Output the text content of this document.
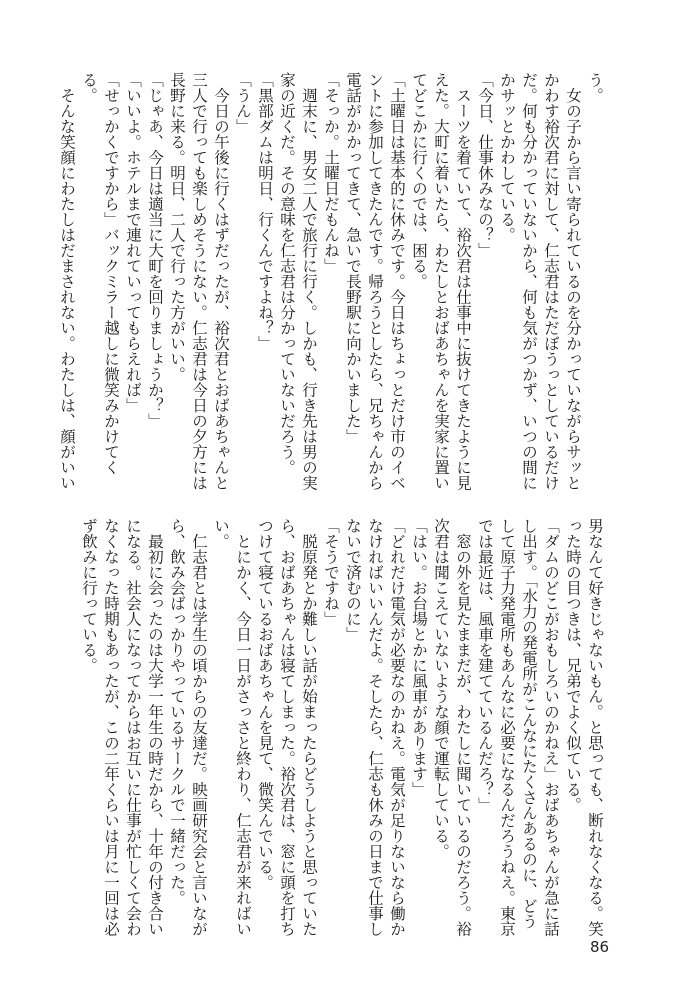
う。
　女の子から言い寄られているのを分かっていながらサッと
かわす裕次君に対して、仁志君はただぼうっとしているだけ
だ。何も分かっていないから、何も気がつかず、いつの間に
かサッとかわしている。
「今日、仕事休みなの？」
　スーツを着ていて、裕次君は仕事中に抜けてきたように見
えた。大町に着いたら、わたしとおばあちゃんを実家に置い
てどこかに行くのでは、困る。
「土曜日は基本的に休みです。今日はちょっとだけ市のイベ
ントに参加してきたんです。帰ろうとしたら、兄ちゃんから
電話がかかってきて、急いで長野駅に向かいました」
「そっか。土曜日だもんね」
　週末に、男女二人で旅行に行く。しかも、行き先は男の実
家の近くだ。その意味を仁志君は分かっていないだろう。
「黒部ダムは明日、行くんですよね？」
「うん」
　今日の午後に行くはずだったが、裕次君とおばあちゃんと
三人で行っても楽しめそうにない。仁志君は今日の夕方には
長野に来る。明日、二人で行った方がいい。
「じゃあ、今日は適当に大町を回りましょうか？」
「いいよ。ホテルまで連れていってもらえれば」
「せっかくですから」バックミラー越しに微笑みかけてく
る。
　そんな笑顔にわたしはだまされない。わたしは、顔がいい
男なんて好きじゃないもん。と思っても、断れなくなる。笑
った時の目つきは、兄弟でよく似ている。
「ダムのどこがおもしろいのかねえ」おばあちゃんが急に話
し出す。「水力の発電所がこんなにたくさんあるのに、どう
して原子力発電所もあんなに必要になるんだろうねえ。東京
では最近は、風車を建てているんだろ？」
　窓の外を見たままだが、わたしに聞いているのだろう。裕
次君は聞こえていないような顔で運転している。
「はい。お台場とかに風車があります」
「どれだけ電気が必要なのかねえ。電気が足りないなら働か
なければいいんだよ。そしたら、仁志も休みの日まで仕事し
ないで済むのに」
「そうですね」
　脱原発とか難しい話が始まったらどうしようと思っていた
ら、おばあちゃんは寝てしまった。裕次君は、窓に頭を打ち
つけて寝ているおばあちゃんを見て、微笑んでいる。
　とにかく、今日一日がさっさと終わり、仁志君が来ればい
い。
　仁志君とは学生の頃からの友達だ。映画研究会と言いなが
ら、飲み会ばっかりやっているサークルで一緒だった。
　最初に会ったのは大学一年生の時だから、十年の付き合い
になる。社会人になってからはお互いに仕事が忙しくて会わ
なくなった時期もあったが、この二年くらいは月に一回は必
ず飲みに行っている。
86
